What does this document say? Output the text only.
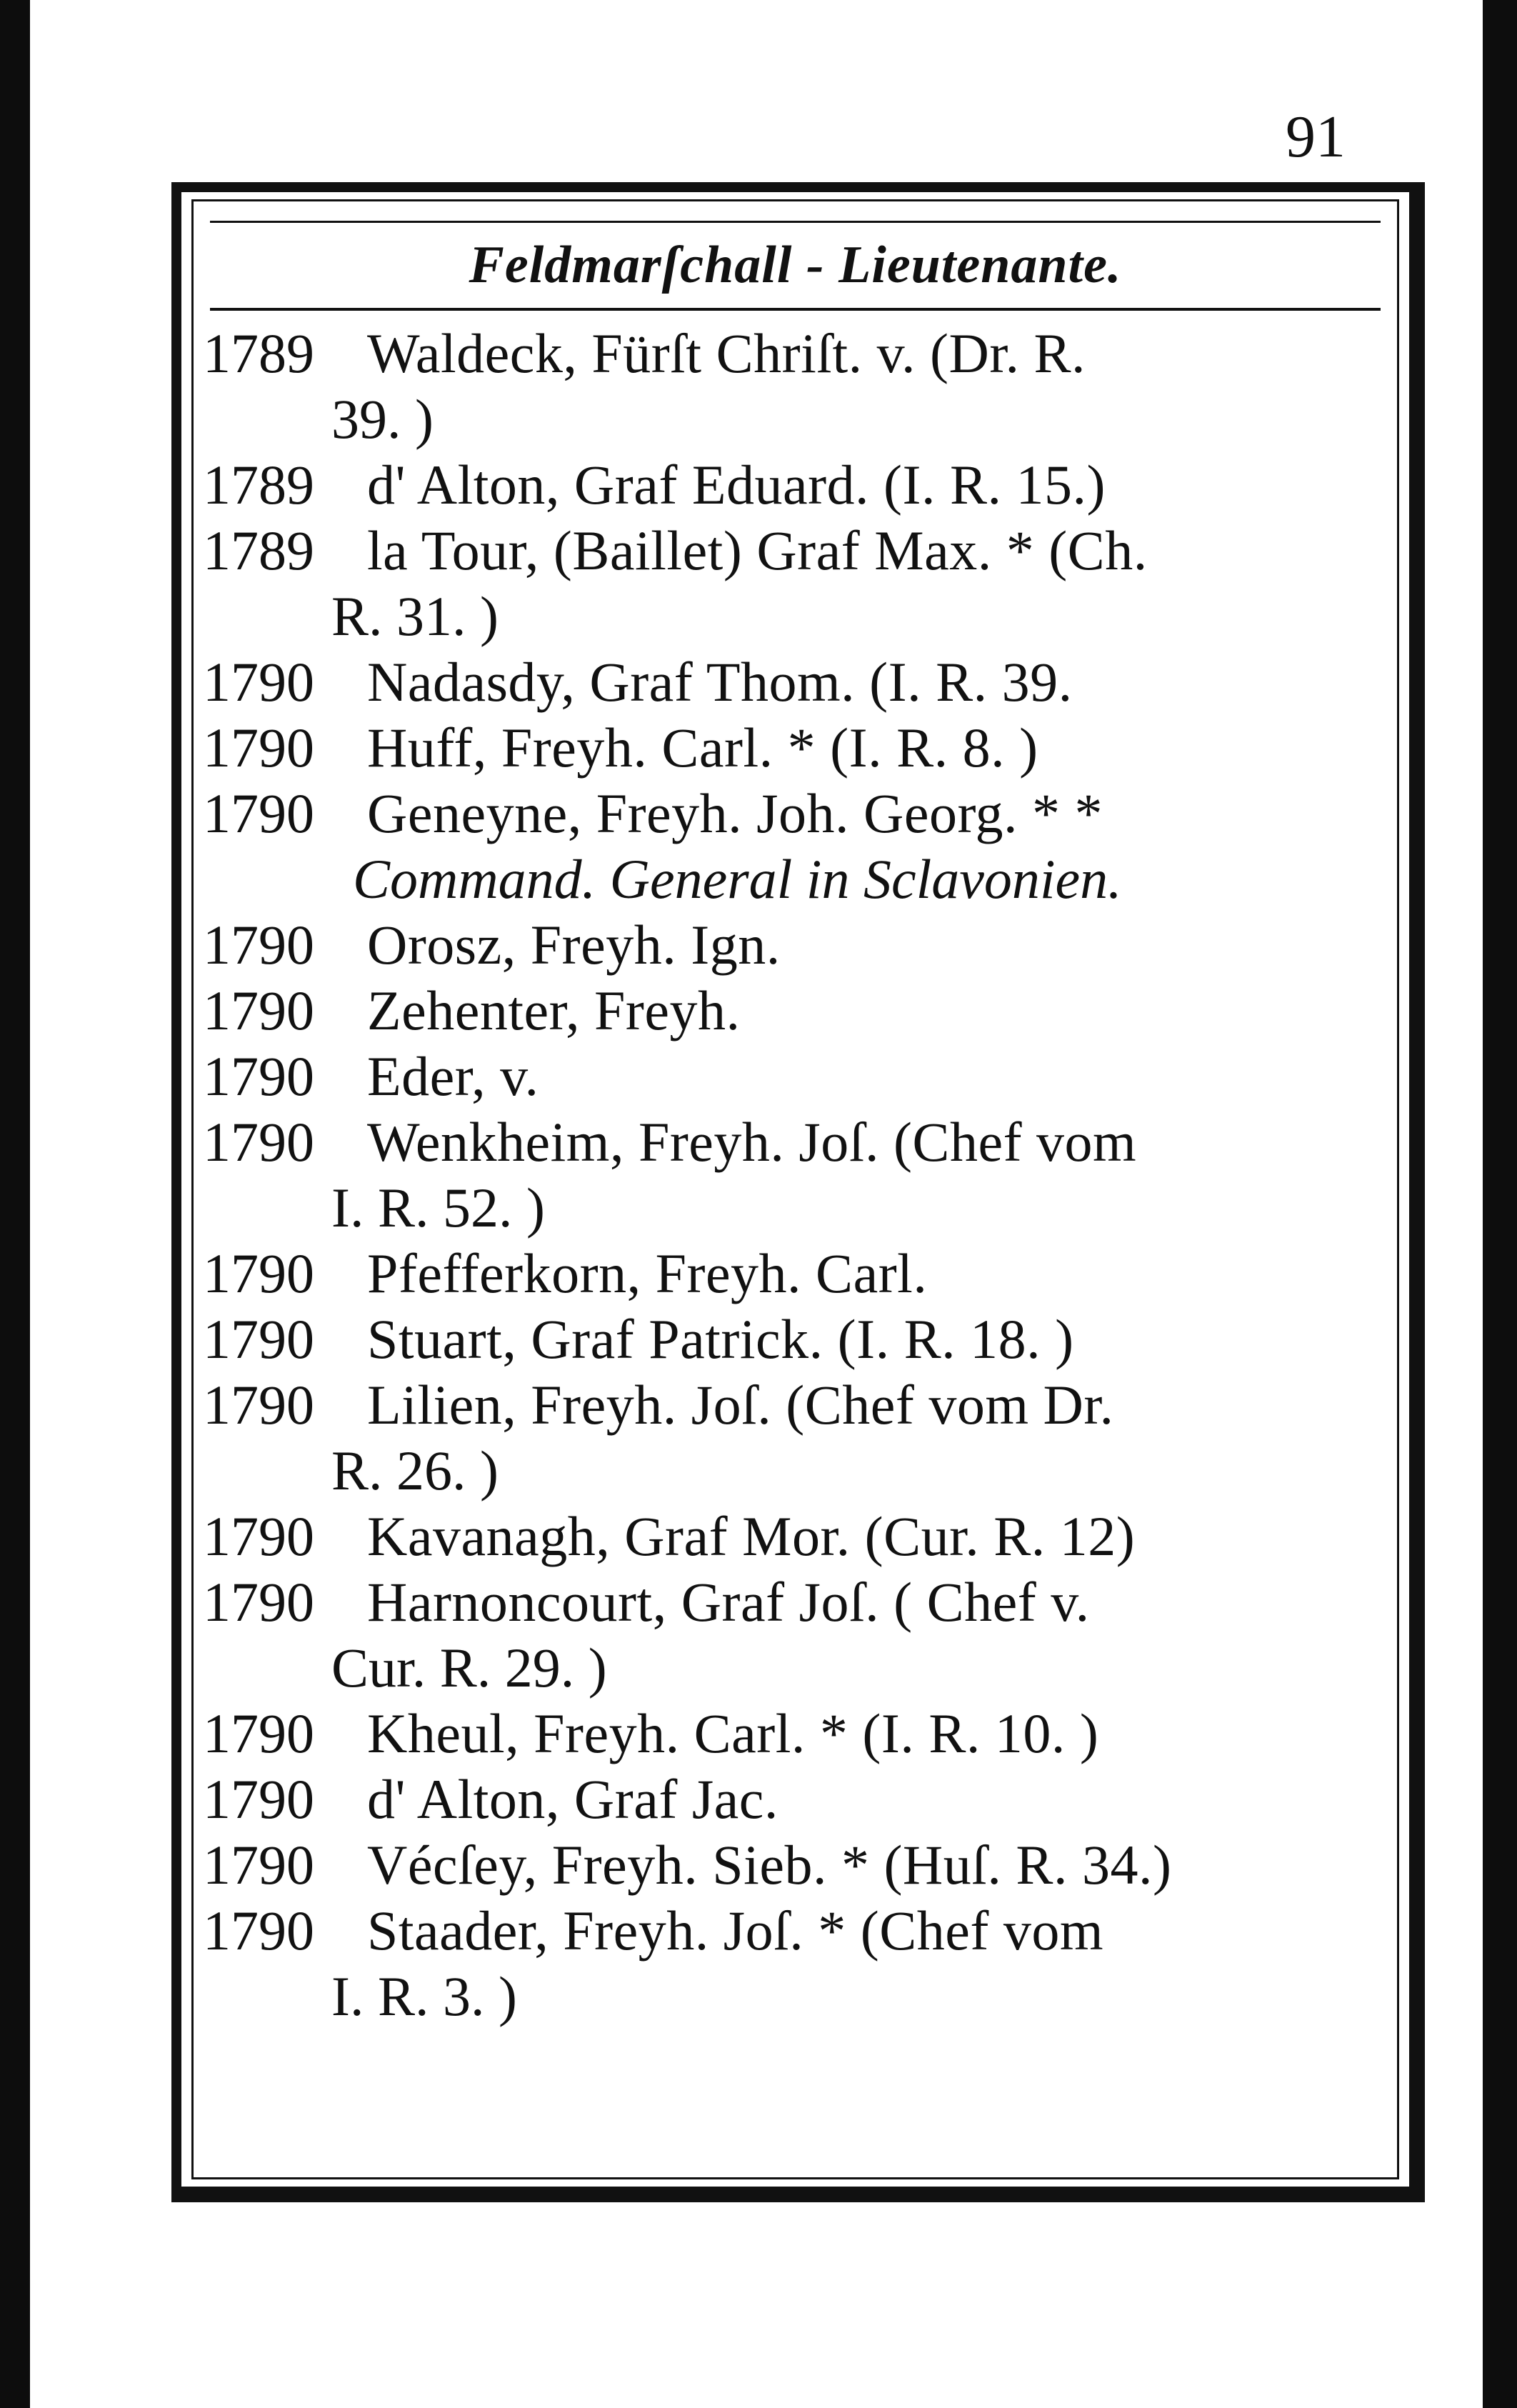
91
Feldmarſchall - Lieutenante.
1789 Waldeck, Fürſt Chriſt. v. (Dr. R.
39. )
1789 d' Alton, Graf Eduard. (I. R. 15.)
1789 la Tour, (Baillet) Graf Max. * (Ch.
R. 31. )
1790 Nadasdy, Graf Thom. (I. R. 39.
1790 Huff, Freyh. Carl. * (I. R. 8. )
1790 Geneyne, Freyh. Joh. Georg. * *
Command. General in Sclavonien.
1790 Orosz, Freyh. Ign.
1790 Zehenter, Freyh.
1790 Eder, v.
1790 Wenkheim, Freyh. Joſ. (Chef vom
I. R. 52. )
1790 Pfefferkorn, Freyh. Carl.
1790 Stuart, Graf Patrick. (I. R. 18. )
1790 Lilien, Freyh. Joſ. (Chef vom Dr.
R. 26. )
1790 Kavanagh, Graf Mor. (Cur. R. 12)
1790 Harnoncourt, Graf Joſ. ( Chef v.
Cur. R. 29. )
1790 Kheul, Freyh. Carl. * (I. R. 10. )
1790 d' Alton, Graf Jac.
1790 Vécſey, Freyh. Sieb. * (Huſ. R. 34.)
1790 Staader, Freyh. Joſ. * (Chef vom
I. R. 3. )
